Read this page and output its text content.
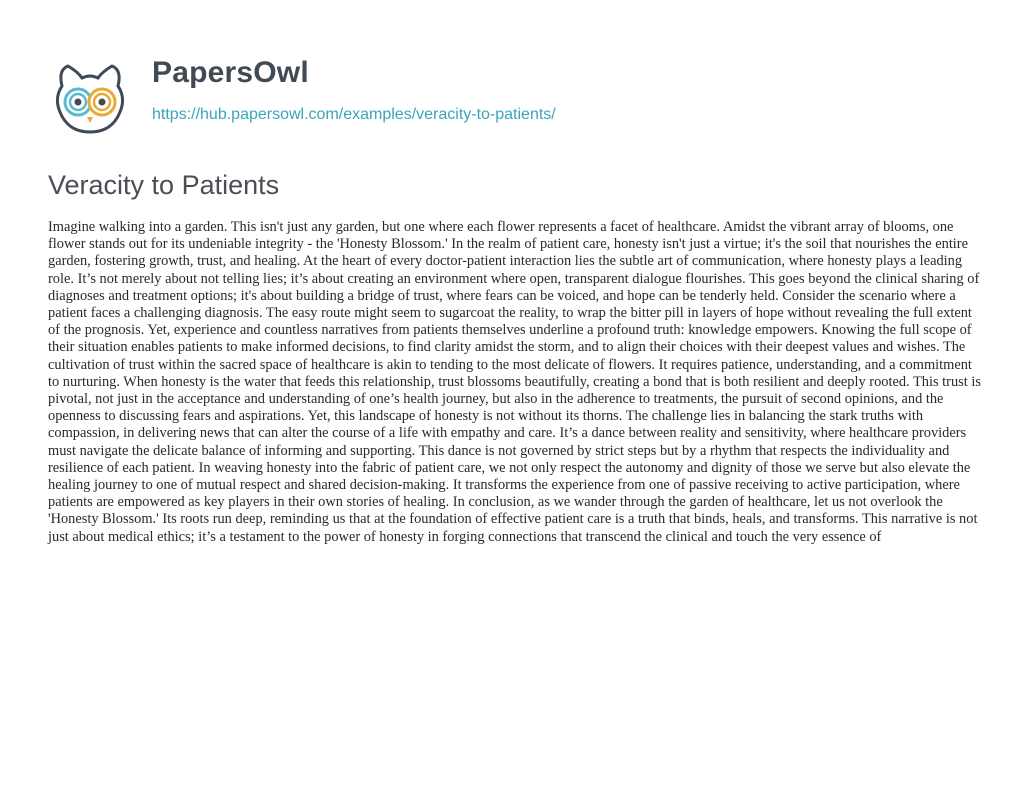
PapersOwl
https://hub.papersowl.com/examples/veracity-to-patients/
Veracity to Patients

Imagine walking into a garden. This isn't just any garden, but one where each flower represents a facet of healthcare. Amidst the vibrant array of blooms, one flower stands out for its undeniable integrity - the 'Honesty Blossom.' In the realm of patient care, honesty isn't just a virtue; it's the soil that nourishes the entire garden, fostering growth, trust, and healing. At the heart of every doctor-patient interaction lies the subtle art of communication, where honesty plays a leading role. It’s not merely about not telling lies; it’s about creating an environment where open, transparent dialogue flourishes. This goes beyond the clinical sharing of diagnoses and treatment options; it's about building a bridge of trust, where fears can be voiced, and hope can be tenderly held. Consider the scenario where a patient faces a challenging diagnosis. The easy route might seem to sugarcoat the reality, to wrap the bitter pill in layers of hope without revealing the full extent of the prognosis. Yet, experience and countless narratives from patients themselves underline a profound truth: knowledge empowers. Knowing the full scope of their situation enables patients to make informed decisions, to find clarity amidst the storm, and to align their choices with their deepest values and wishes. The cultivation of trust within the sacred space of healthcare is akin to tending to the most delicate of flowers. It requires patience, understanding, and a commitment to nurturing. When honesty is the water that feeds this relationship, trust blossoms beautifully, creating a bond that is both resilient and deeply rooted. This trust is pivotal, not just in the acceptance and understanding of one’s health journey, but also in the adherence to treatments, the pursuit of second opinions, and the openness to discussing fears and aspirations. Yet, this landscape of honesty is not without its thorns. The challenge lies in balancing the stark truths with compassion, in delivering news that can alter the course of a life with empathy and care. It’s a dance between reality and sensitivity, where healthcare providers must navigate the delicate balance of informing and supporting. This dance is not governed by strict steps but by a rhythm that respects the individuality and resilience of each patient. In weaving honesty into the fabric of patient care, we not only respect the autonomy and dignity of those we serve but also elevate the healing journey to one of mutual respect and shared decision-making. It transforms the experience from one of passive receiving to active participation, where patients are empowered as key players in their own stories of healing. In conclusion, as we wander through the garden of healthcare, let us not overlook the 'Honesty Blossom.' Its roots run deep, reminding us that at the foundation of effective patient care is a truth that binds, heals, and transforms. This narrative is not just about medical ethics; it’s a testament to the power of honesty in forging connections that transcend the clinical and touch the very essence of
